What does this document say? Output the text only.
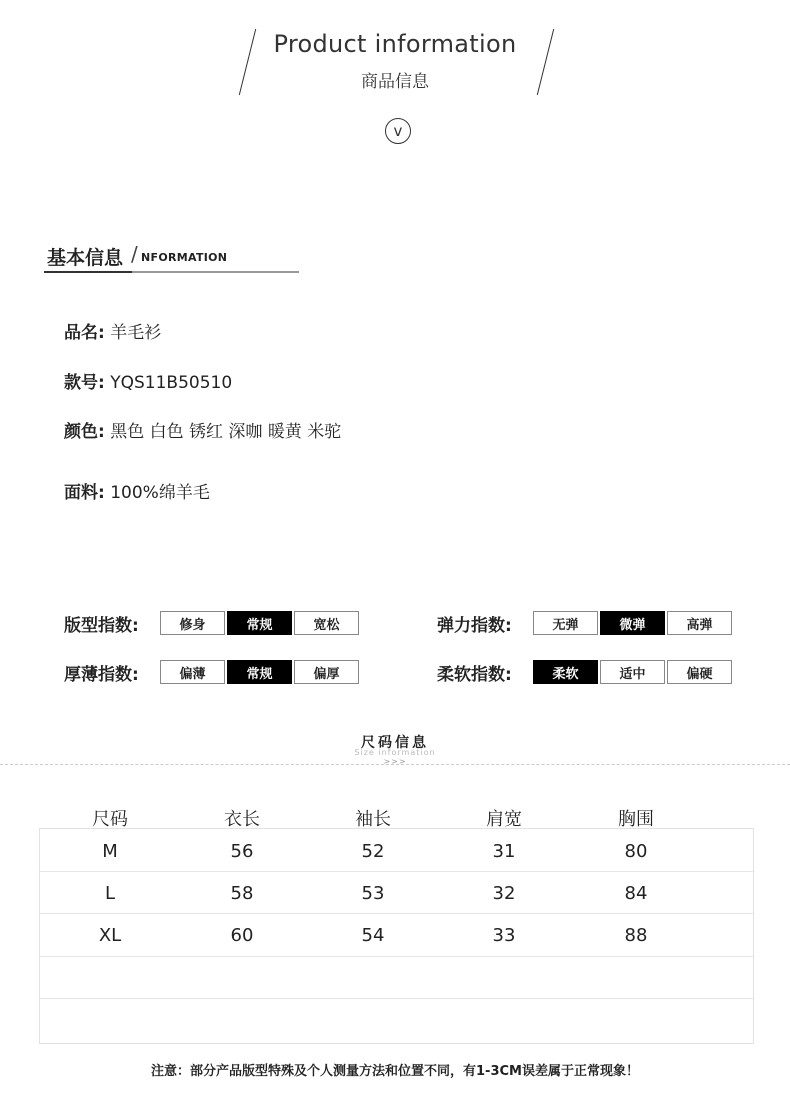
Product information
商品信息
v
基本信息 / NFORMATION
品名: 羊毛衫
款号: YQS11B50510
颜色: 黑色 白色 锈红 深咖 暖黄 米驼
面料: 100%绵羊毛
版型指数:	修身	常规	宽松	弹力指数:	无弹	微弹	高弹
厚薄指数:	偏薄	常规	偏厚	柔软指数:	柔软	适中	偏硬
尺码信息
Size information
>>>
尺码	衣长	袖长	肩宽	胸围
M	56	52	31	80
L	58	53	32	84
XL	60	54	33	88
注意：部分产品版型特殊及个人测量方法和位置不同，有1-3CM误差属于正常现象！
